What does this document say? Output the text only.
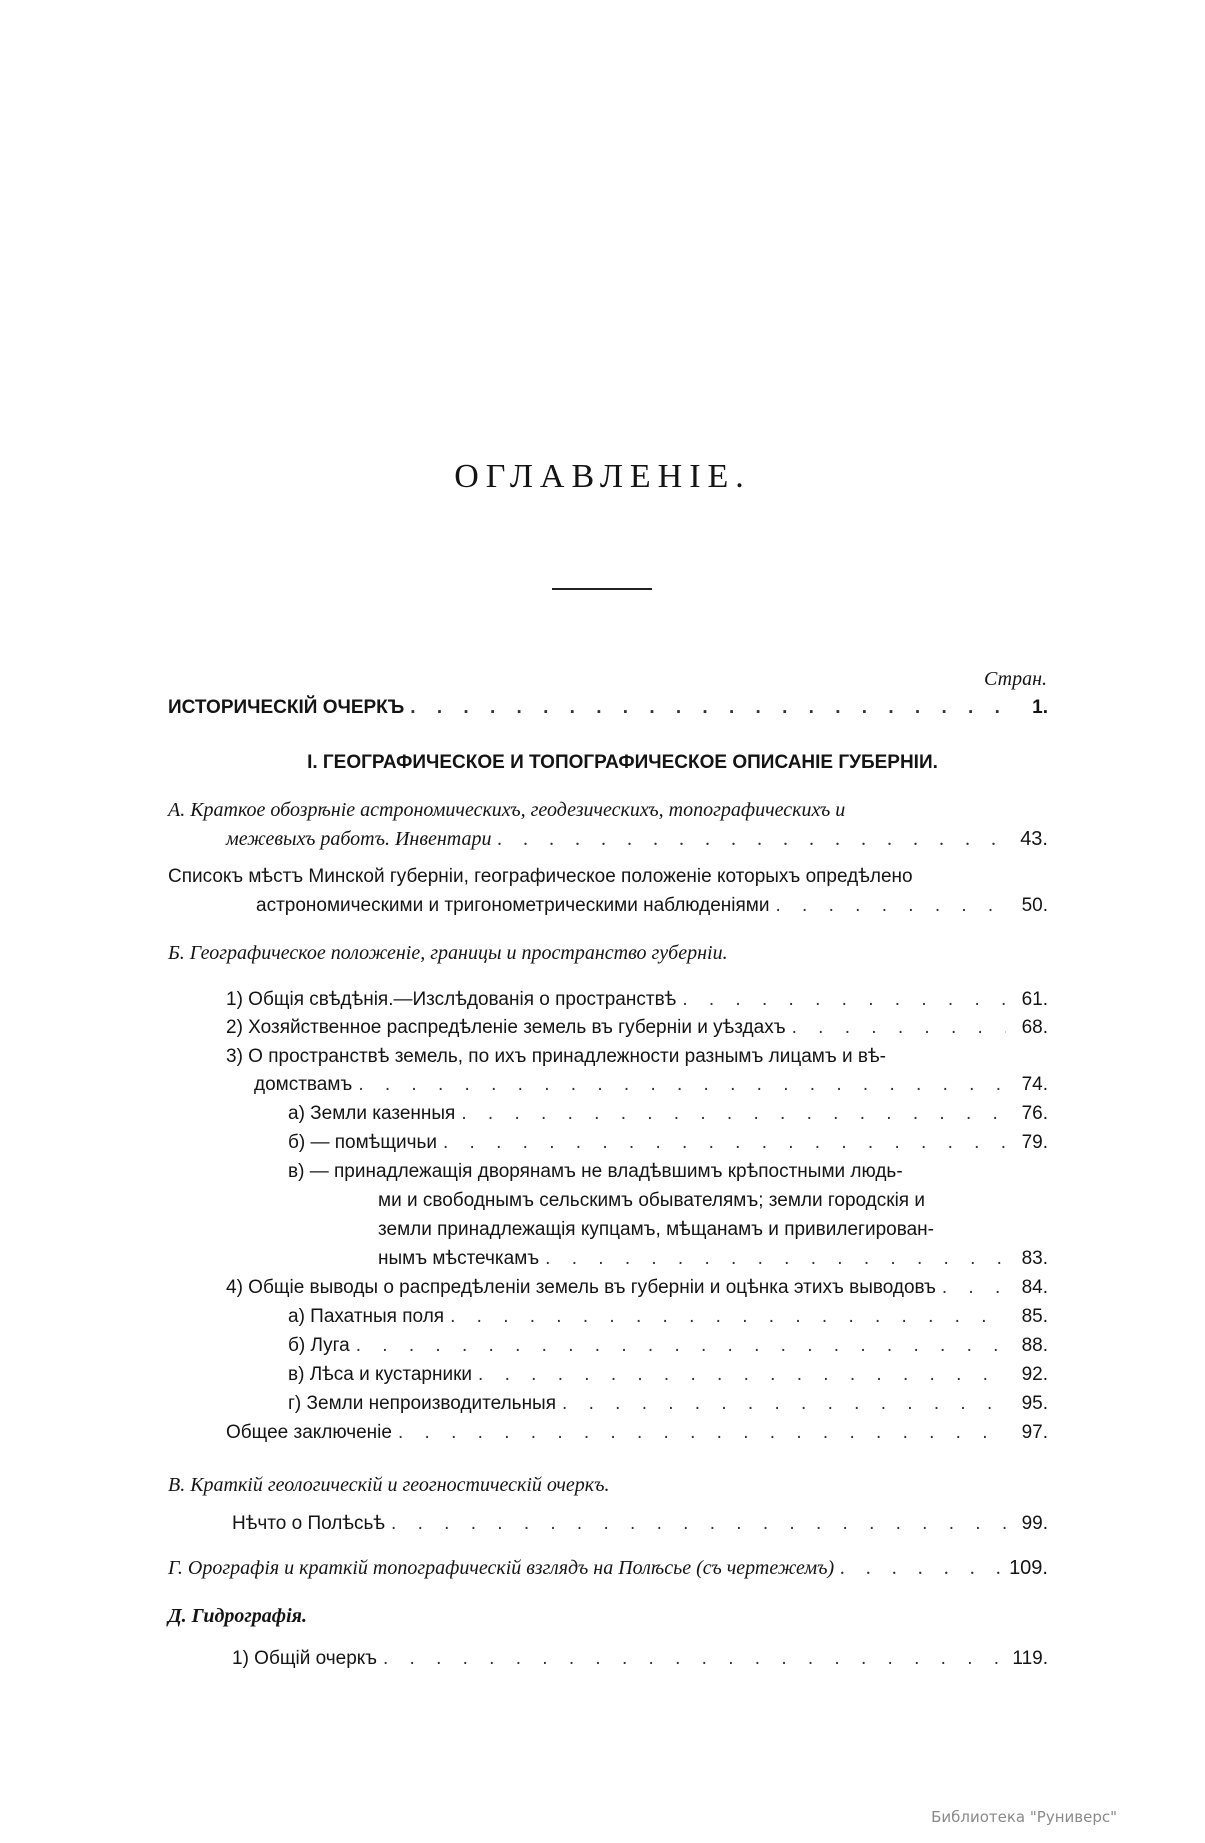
ОГЛАВЛЕНІЕ.
Стран.
ИСТОРИЧЕСКІЙ ОЧЕРКЪ . . .	1.
I. ГЕОГРАФИЧЕСКОЕ И ТОПОГРАФИЧЕСКОЕ ОПИСАНІЕ ГУБЕРНІИ.
А. Краткое обозрѣніе астрономическихъ, геодезическихъ, топографическихъ и
межевыхъ работъ. Инвентари . . .	43.
Списокъ мѣстъ Минской губерніи, географическое положеніе которыхъ опредѣлено
астрономическими и тригонометрическими наблюденіями . . .	50.
Б. Географическое положеніе, границы и пространство губерніи.
1) Общія свѣдѣнія.—Изслѣдованія о пространствѣ . . .	61.
2) Хозяйственное распредѣленіе земель въ губерніи и уѣздахъ . . .	68.
3) О пространствѣ земель, по ихъ принадлежности разнымъ лицамъ и вѣ-
домствамъ . . .	74.
а) Земли казенныя . . .	76.
б) — помѣщичьи . . .	79.
в) — принадлежащія дворянамъ не владѣвшимъ крѣпостными людь-
ми и свободнымъ сельскимъ обывателямъ; земли городскія и
земли принадлежащія купцамъ, мѣщанамъ и привилегирован-
нымъ мѣстечкамъ . . .	83.
4) Общіе выводы о распредѣленіи земель въ губерніи и оцѣнка этихъ выводовъ . . .	84.
а) Пахатныя поля . . .	85.
б) Луга . . .	88.
в) Лѣса и кустарники . . .	92.
г) Земли непроизводительныя . . .	95.
Общее заключеніе . . .	97.
В. Краткій геологическій и геогностическій очеркъ.
Нѣчто о Полѣсьѣ . . .	99.
Г. Орографія и краткій топографическій взглядъ на Полѣсье (съ чертежемъ) . . .	109.
Д. Гидрографія.
1) Общій очеркъ . . .	119.
Библиотека "Руниверс"
